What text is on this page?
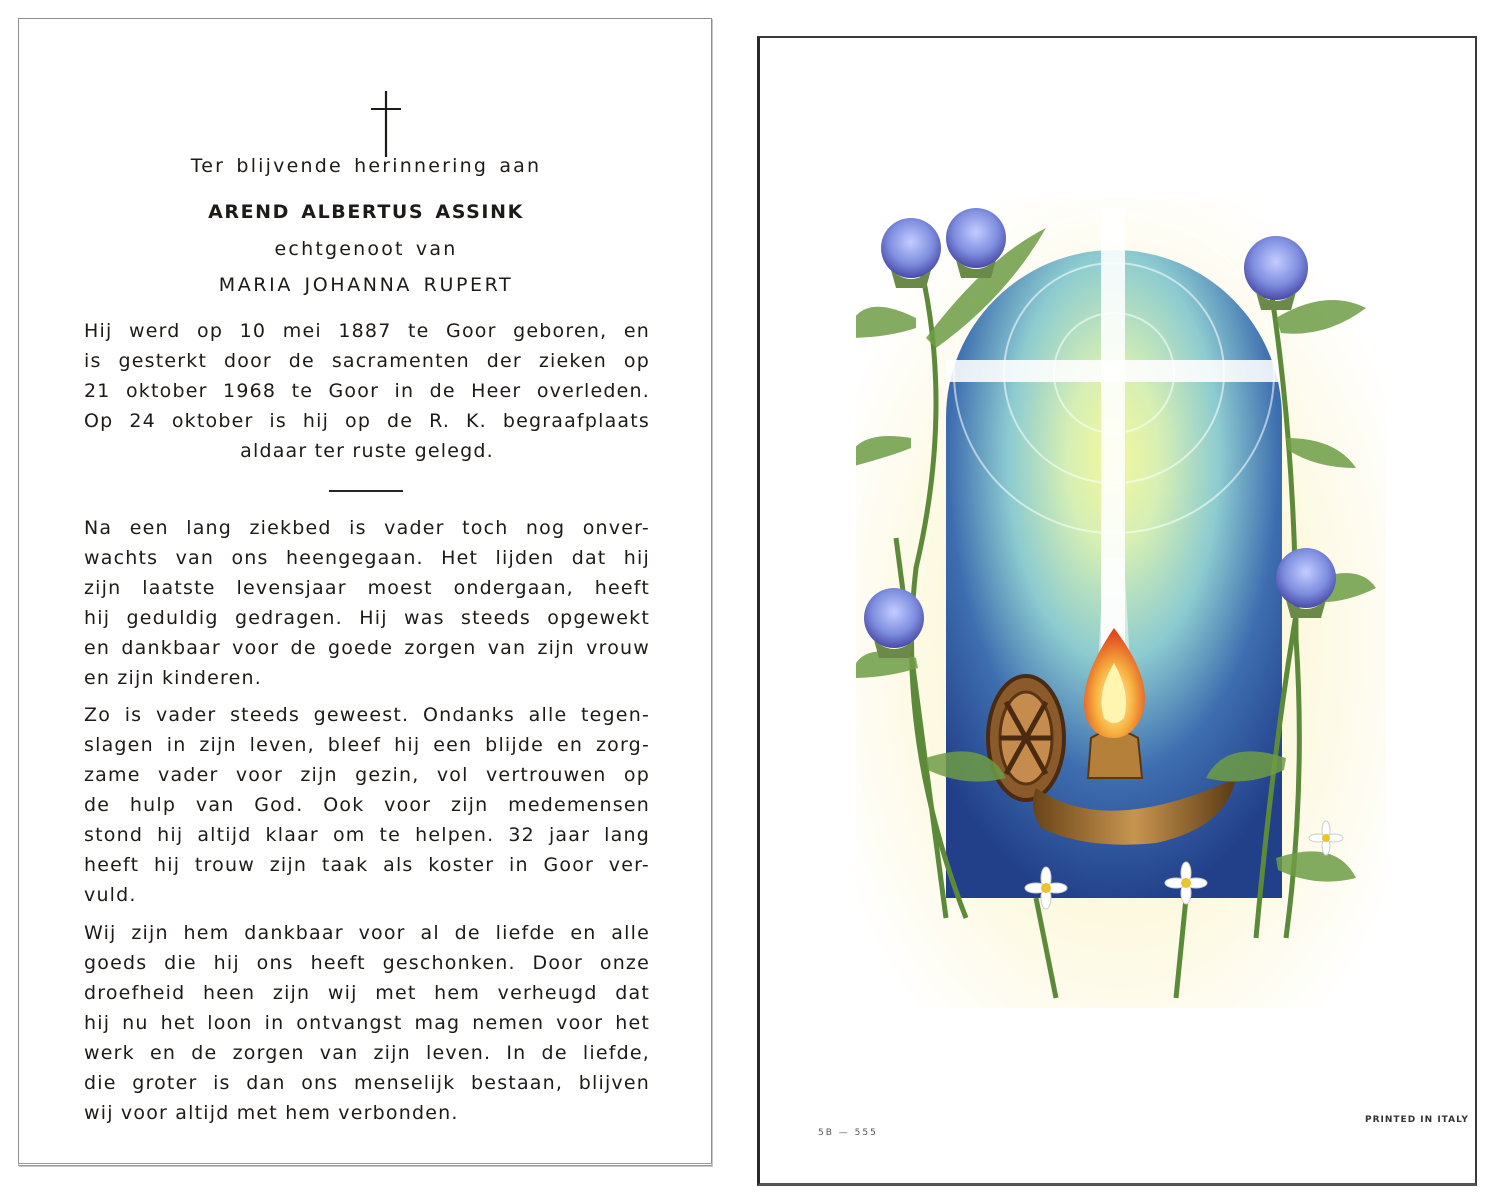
Ter blijvende herinnering aan
AREND ALBERTUS ASSINK
echtgenoot van
MARIA JOHANNA RUPERT
Hij werd op 10 mei 1887 te Goor geboren, en
is gesterkt door de sacramenten der zieken op
21 oktober 1968 te Goor in de Heer overleden.
Op 24 oktober is hij op de R. K. begraafplaats
aldaar ter ruste gelegd.
Na een lang ziekbed is vader toch nog onver-
wachts van ons heengegaan. Het lijden dat hij
zijn laatste levensjaar moest ondergaan, heeft
hij geduldig gedragen. Hij was steeds opgewekt
en dankbaar voor de goede zorgen van zijn vrouw
en zijn kinderen.
Zo is vader steeds geweest. Ondanks alle tegen-
slagen in zijn leven, bleef hij een blijde en zorg-
zame vader voor zijn gezin, vol vertrouwen op
de hulp van God. Ook voor zijn medemensen
stond hij altijd klaar om te helpen. 32 jaar lang
heeft hij trouw zijn taak als koster in Goor ver-
vuld.
Wij zijn hem dankbaar voor al de liefde en alle
goeds die hij ons heeft geschonken. Door onze
droefheid heen zijn wij met hem verheugd dat
hij nu het loon in ontvangst mag nemen voor het
werk en de zorgen van zijn leven. In de liefde,
die groter is dan ons menselijk bestaan, blijven
wij voor altijd met hem verbonden.
5B — 555
PRINTED IN ITALY
